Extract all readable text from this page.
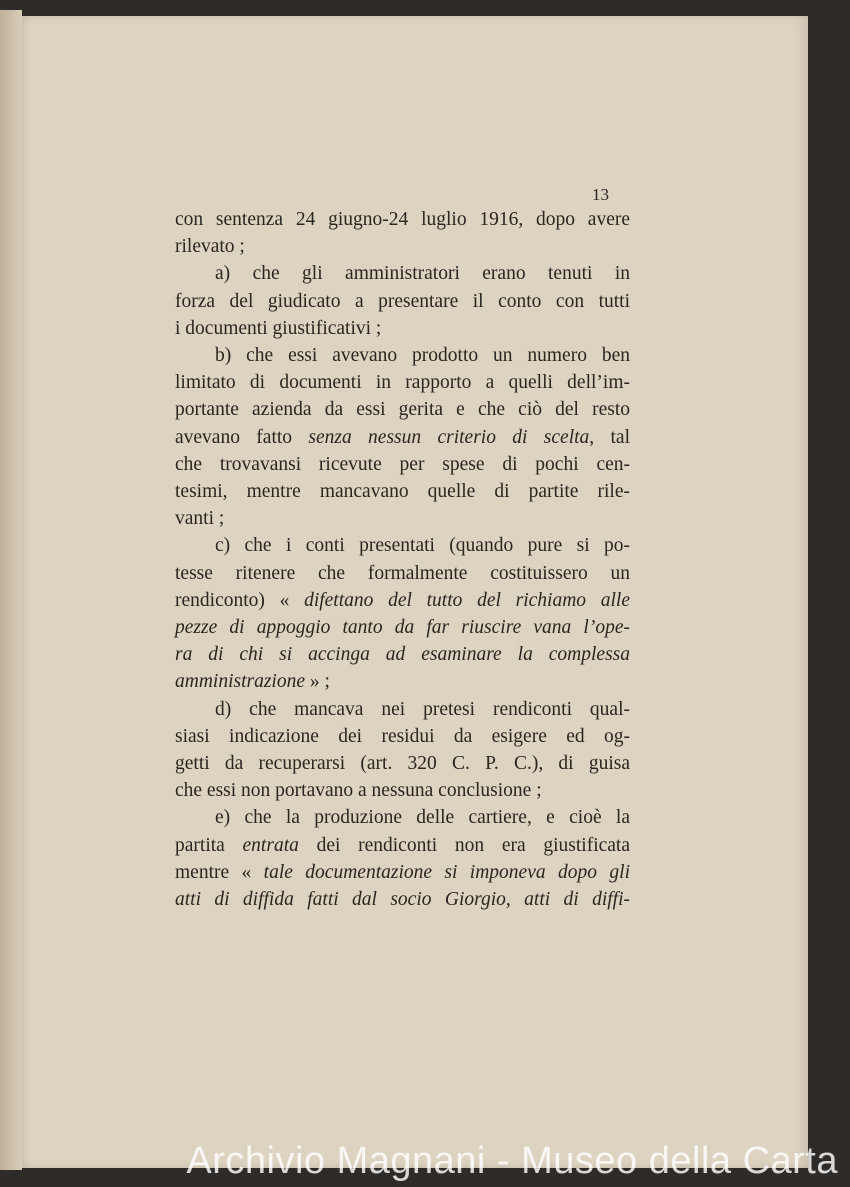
13
con sentenza 24 giugno-24 luglio 1916, dopo avere
rilevato ;
a) che gli amministratori erano tenuti in
forza del giudicato a presentare il conto con tutti
i documenti giustificativi ;
b) che essi avevano prodotto un numero ben
limitato di documenti in rapporto a quelli dell’im-
portante azienda da essi gerita e che ciò del resto
avevano fatto senza nessun criterio di scelta, tal
che trovavansi ricevute per spese di pochi cen-
tesimi, mentre mancavano quelle di partite rile-
vanti ;
c) che i conti presentati (quando pure si po-
tesse ritenere che formalmente costituissero un
rendiconto) « difettano del tutto del richiamo alle
pezze di appoggio tanto da far riuscire vana l’ope-
ra di chi si accinga ad esaminare la complessa
amministrazione » ;
d) che mancava nei pretesi rendiconti qual-
siasi indicazione dei residui da esigere ed og-
getti da recuperarsi (art. 320 C. P. C.), di guisa
che essi non portavano a nessuna conclusione ;
e) che la produzione delle cartiere, e cioè la
partita entrata dei rendiconti non era giustificata
mentre « tale documentazione si imponeva dopo gli
atti di diffida fatti dal socio Giorgio, atti di diffi-
Archivio Magnani - Museo della Carta
